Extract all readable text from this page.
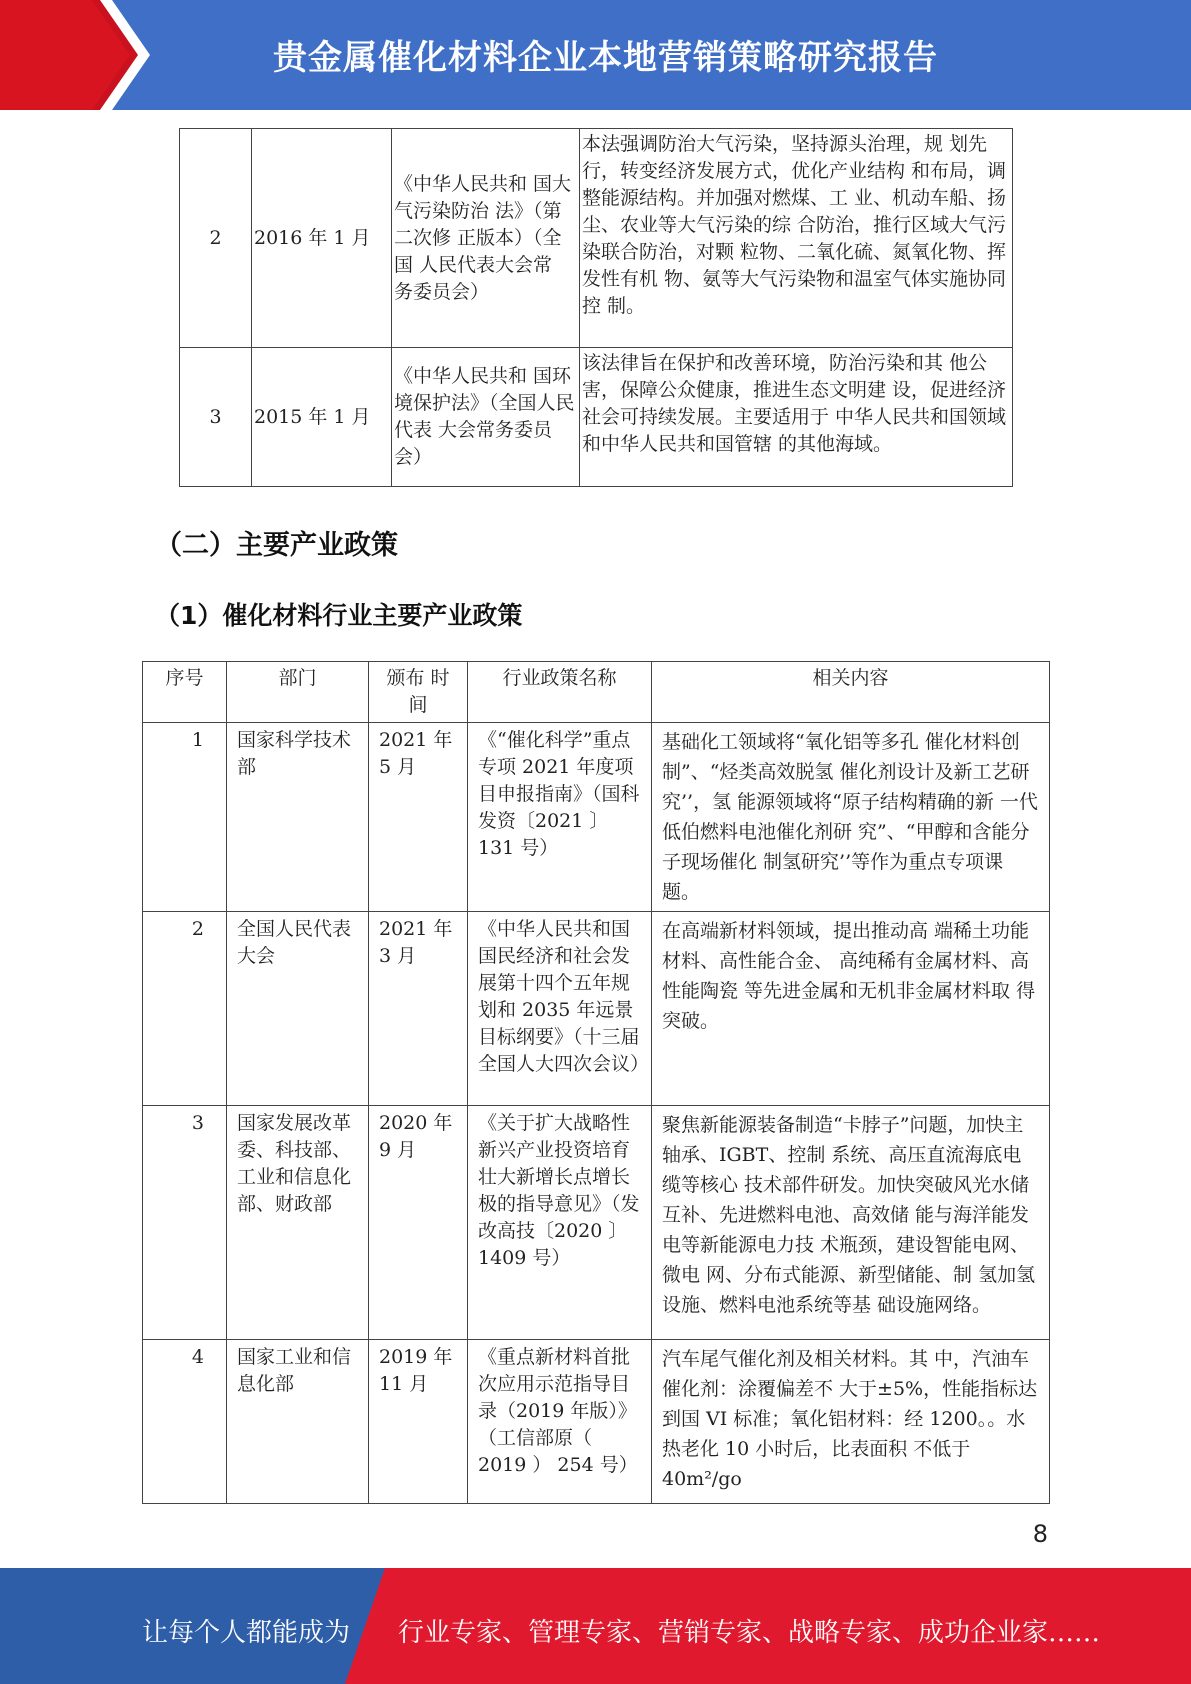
贵金属催化材料企业本地营销策略研究报告
2	2016 年 1 月	《中华人民共和 国大气污染防治 法》（第二次修 正版本）（全国 人民代表大会常 务委员会）	本法强调防治大气污染，坚持源头治理，规 划先行，转变经济发展方式，优化产业结构 和布局，调整能源结构。并加强对燃煤、工 业、机动车船、扬尘、农业等大气污染的综 合防治，推行区域大气污染联合防治，对颗 粒物、二氧化硫、氮氧化物、挥发性有机 物、氨等大气污染物和温室气体实施协同控 制。
3	2015 年 1 月	《中华人民共和 国环境保护法》（全国人民代表 大会常务委员 会）	该法律旨在保护和改善环境，防治污染和其 他公害，保障公众健康，推进生态文明建 设，促进经济社会可持续发展。主要适用于 中华人民共和国领域和中华人民共和国管辖 的其他海域。
（二）主要产业政策
（1）催化材料行业主要产业政策
序号	部门	颁布 时间	行业政策名称	相关内容
1	国家科学技术部	2021 年 5 月	《“催化科学”重点专项 2021 年度项目申报指南》（国科发资〔2021 〕131 号）	基础化工领域将“氧化铝等多孔 催化材料创制”、“烃类高效脱氢 催化剂设计及新工艺研究’’，氢 能源领域将“原子结构精确的新 一代低伯燃料电池催化剂研 究”、“甲醇和含能分子现场催化 制氢研究’’等作为重点专项课 题。
2	全国人民代表大会	2021 年 3 月	《中华人民共和国国民经济和社会发展第十四个五年规划和 2035 年远景目标纲要》（十三届全国人大四次会议）	在高端新材料领域，提出推动高 端稀土功能材料、高性能合金、 高纯稀有金属材料、高性能陶瓷 等先进金属和无机非金属材料取 得突破。
3	国家发展改革委、科技部、工业和信息化部、财政部	2020 年 9 月	《关于扩大战略性新兴产业投资培育壮大新增长点增长极的指导意见》（发 改高技〔2020 〕1409 号）	聚焦新能源装备制造“卡脖子”问题，加快主轴承、IGBT、控制 系统、高压直流海底电缆等核心 技术部件研发。加快突破风光水储互补、先进燃料电池、高效储 能与海洋能发电等新能源电力技 术瓶颈，建设智能电网、微电 网、分布式能源、新型储能、制 氢加氢设施、燃料电池系统等基 础设施网络。

4	国家工业和信息化部	2019 年 11 月	《重点新材料首批次应用示范指导目录（2019 年版）》（工信部原（ 2019 ） 254 号）	汽车尾气催化剂及相关材料。其 中，汽油车催化剂：涂覆偏差不 大于±5%，性能指标达到国 VI 标准；氧化铝材料：经 1200。。水热老化 10 小时后，比表面积 不低于 40m²/go
8
让每个人都能成为 行业专家、管理专家、营销专家、战略专家、成功企业家……
